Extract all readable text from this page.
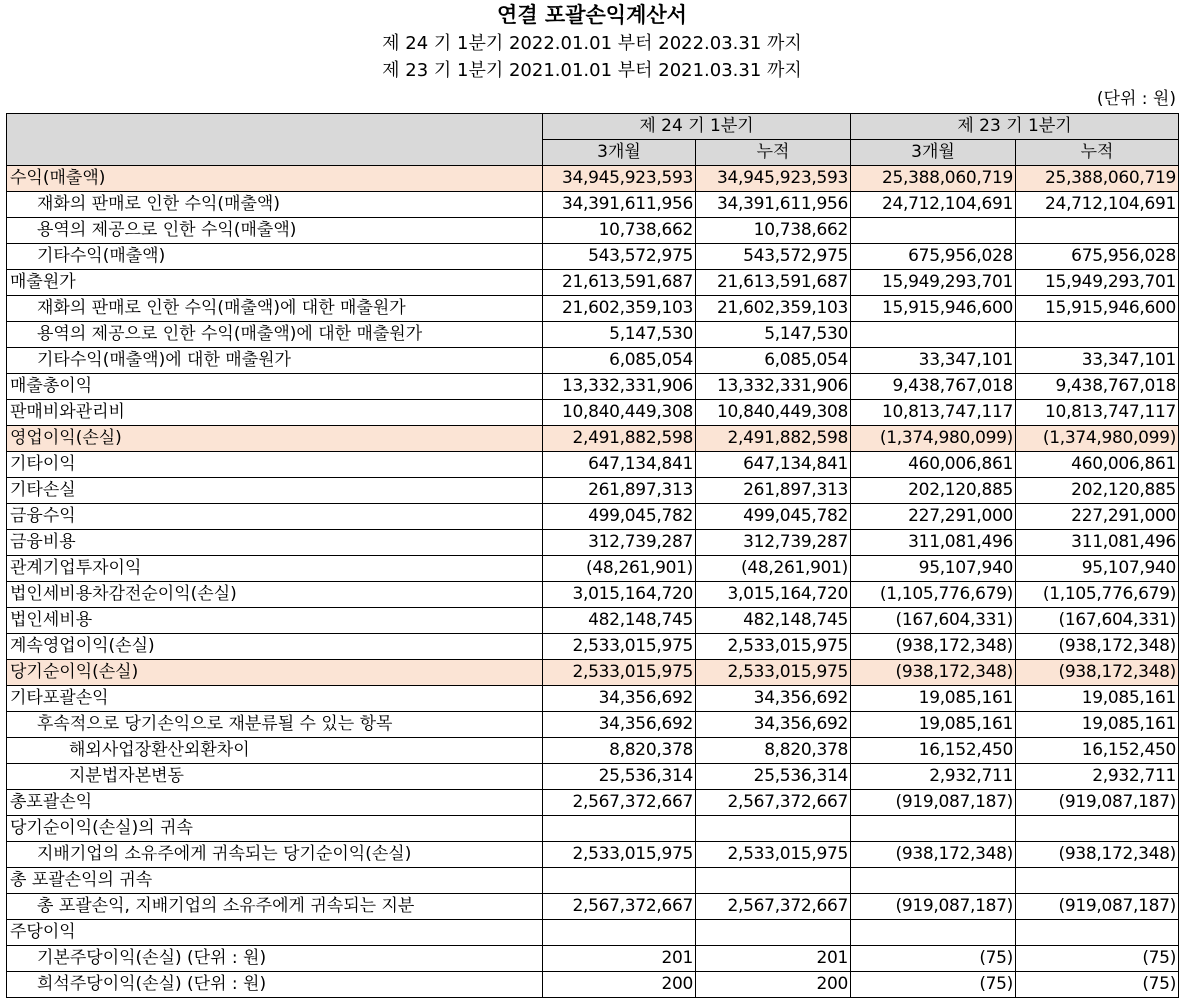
연결 포괄손익계산서
제 24 기 1분기 2022.01.01 부터 2022.03.31 까지
제 23 기 1분기 2021.01.01 부터 2021.03.31 까지
(단위 : 원)
	제 24 기 1분기		제 23 기 1분기	
	3개월	누적	3개월	누적
수익(매출액)	34,945,923,593	34,945,923,593	25,388,060,719	25,388,060,719
재화의 판매로 인한 수익(매출액)	34,391,611,956	34,391,611,956	24,712,104,691	24,712,104,691
용역의 제공으로 인한 수익(매출액)	10,738,662	10,738,662		
기타수익(매출액)	543,572,975	543,572,975	675,956,028	675,956,028
매출원가	21,613,591,687	21,613,591,687	15,949,293,701	15,949,293,701
재화의 판매로 인한 수익(매출액)에 대한 매출원가	21,602,359,103	21,602,359,103	15,915,946,600	15,915,946,600
용역의 제공으로 인한 수익(매출액)에 대한 매출원가	5,147,530	5,147,530		
기타수익(매출액)에 대한 매출원가	6,085,054	6,085,054	33,347,101	33,347,101
매출총이익	13,332,331,906	13,332,331,906	9,438,767,018	9,438,767,018
판매비와관리비	10,840,449,308	10,840,449,308	10,813,747,117	10,813,747,117
영업이익(손실)	2,491,882,598	2,491,882,598	(1,374,980,099)	(1,374,980,099)
기타이익	647,134,841	647,134,841	460,006,861	460,006,861
기타손실	261,897,313	261,897,313	202,120,885	202,120,885
금융수익	499,045,782	499,045,782	227,291,000	227,291,000
금융비용	312,739,287	312,739,287	311,081,496	311,081,496
관계기업투자이익	(48,261,901)	(48,261,901)	95,107,940	95,107,940
법인세비용차감전순이익(손실)	3,015,164,720	3,015,164,720	(1,105,776,679)	(1,105,776,679)
법인세비용	482,148,745	482,148,745	(167,604,331)	(167,604,331)
계속영업이익(손실)	2,533,015,975	2,533,015,975	(938,172,348)	(938,172,348)
당기순이익(손실)	2,533,015,975	2,533,015,975	(938,172,348)	(938,172,348)
기타포괄손익	34,356,692	34,356,692	19,085,161	19,085,161
후속적으로 당기손익으로 재분류될 수 있는 항목	34,356,692	34,356,692	19,085,161	19,085,161
해외사업장환산외환차이	8,820,378	8,820,378	16,152,450	16,152,450
지분법자본변동	25,536,314	25,536,314	2,932,711	2,932,711
총포괄손익	2,567,372,667	2,567,372,667	(919,087,187)	(919,087,187)
당기순이익(손실)의 귀속				
지배기업의 소유주에게 귀속되는 당기순이익(손실)	2,533,015,975	2,533,015,975	(938,172,348)	(938,172,348)
총 포괄손익의 귀속				
총 포괄손익, 지배기업의 소유주에게 귀속되는 지분	2,567,372,667	2,567,372,667	(919,087,187)	(919,087,187)
주당이익				
기본주당이익(손실) (단위 : 원)	201	201	(75)	(75)
희석주당이익(손실) (단위 : 원)	200	200	(75)	(75)
